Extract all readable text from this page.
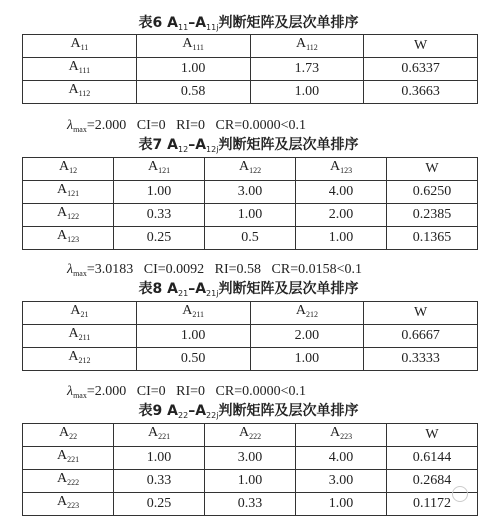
表6 $A_{11}-A_{11j}$判断矩阵及层次单排序
$A_{11}$	$A_{111}$	$A_{112}$	W
$A_{111}$	1.00	1.73	0.6337
$A_{112}$	0.58	1.00	0.3663

$\lambda_{max}=2.000$   CI=0   RI=0   CR=0.0000<0.1

表7 $A_{12}-A_{12j}$判断矩阵及层次单排序
$A_{12}$	$A_{121}$	$A_{122}$	$A_{123}$	W
$A_{121}$	1.00	3.00	4.00	0.6250
$A_{122}$	0.33	1.00	2.00	0.2385
$A_{123}$	0.25	0.5	1.00	0.1365

$\lambda_{max}=3.0183$   CI=0.0092   RI=0.58   CR=0.0158<0.1

表8 $A_{21}-A_{21j}$判断矩阵及层次单排序
$A_{21}$	$A_{211}$	$A_{212}$	W
$A_{211}$	1.00	2.00	0.6667
$A_{212}$	0.50	1.00	0.3333

$\lambda_{max}=2.000$   CI=0   RI=0   CR=0.0000<0.1

表9 $A_{22}-A_{22j}$判断矩阵及层次单排序
$A_{22}$	$A_{221}$	$A_{222}$	$A_{223}$	W
$A_{221}$	1.00	3.00	4.00	0.6144
$A_{222}$	0.33	1.00	3.00	0.2684
$A_{223}$	0.25	0.33	1.00	0.1172
